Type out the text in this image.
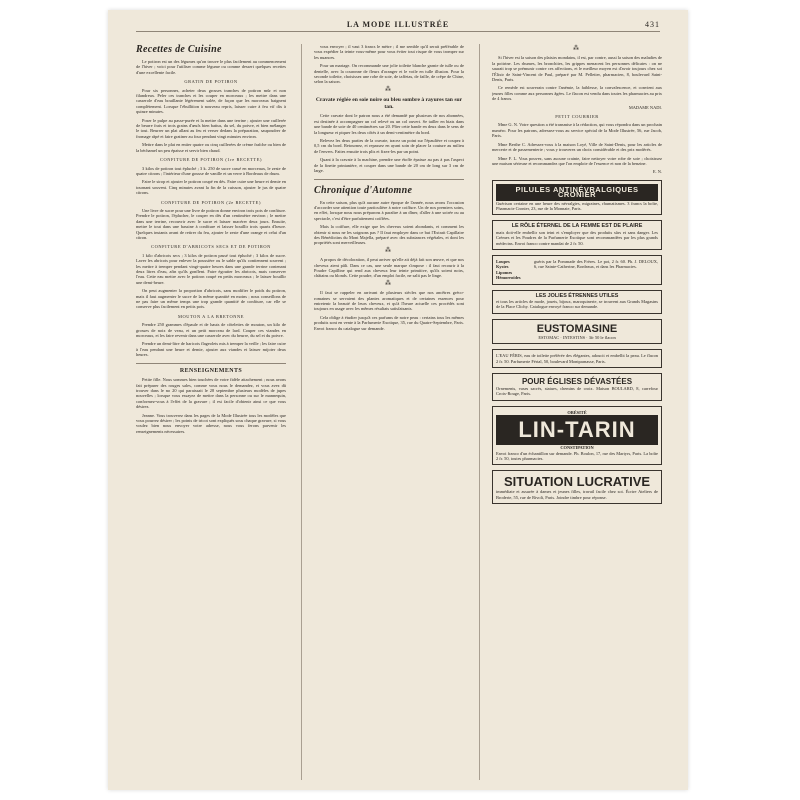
LA MODE ILLUSTRÉE	431
Recettes de Cuisine

Le potiron est un des légumes qu'on trouve le plus facilement au commencement de l'hiver ; voici pour l'utiliser comme légume ou comme dessert quelques recettes d'une excellente facile.

GRATIN DE POTIRON

Pour six personnes, acheter deux grosses tranches de potiron mûr et non filandreux. Peler ces tranches et les couper en morceaux ; les mettre dans une casserole d'eau bouillante légèrement salée, de façon que les morceaux baignent complètement. Lorsque l'ébullition à nouveau repris, laisser cuire à feu vif dix à quinze minutes.

Poser le pulpe au passe-purée et la mettre dans une terrine ; ajouter une cuillerée de beurre frais et trois grains d'œufs bien battus, du sel, du poivre, et bien mélanger le tout. Beurrer un plat allant au feu et verser dedans la préparation, saupoudrer de fromage râpé et faire gratiner au four pendant vingt minutes environ.

Mettre dans le plat en entier quatre ou cinq cuillerées de crème fraîche ou bien de la béchamel un peu épaisse et servir bien chaud.

CONFITURE DE POTIRON (1re RECETTE)

3 kilos de potiron tout épluché ; 3 k. 250 de sucre cassé en morceaux, le zeste de quatre citrons ; l'intérieur d'une gousse de vanille et un verre à Bordeaux de rhum.

Faire le sirop et ajouter le potiron coupé en dés. Faire cuire une heure et demie en tournant souvent. Cinq minutes avant la fin de la cuisson, ajouter le jus de quatre citrons.

CONFITURE DE POTIRON (2e RECETTE)

Une livre de sucre pour une livre de potiron donne environ trois pots de confiture. Prendre le potiron, l'éplucher, le couper en dés d'un centimètre environ ; le mettre dans une terrine, recouvrir avec le sucre et laisser macérer deux jours. Ensuite, mettre le tout dans une bassine à confiture et laisser bouillir trois quarts d'heure. Quelques instants avant de retirer du feu, ajouter le zeste d'une orange et celui d'un citron.

CONFITURE D'ABRICOTS SECS ET DE POTIRON

1 kilo d'abricots secs ; 3 kilos de potiron passé tout épluché ; 3 kilos de sucre. Laver les abricots pour enlever la poussière ou le sable qu'ils contiennent souvent ; les mettre à tremper pendant vingt-quatre heures dans une grande terrine contenant deux litres d'eau, afin qu'ils gonflent. Faire égoutter les abricots, mais conserver l'eau. Cette eau mettre avec le potiron coupé en petits morceaux ; le laisser bouillir une demi-heure.

On peut augmenter la proportion d'abricots, sans modifier le poids du potiron, mais il faut augmenter le sucre de la même quantité en moins ; nous conseillons de ne pas faire un même temps une trop grande quantité de confiture, car elle se conserve plus facilement en petits pots.

MOUTON A LA BRETONNE

Prendre 250 grammes d'épaule et de hauts de côtelettes de mouton, un kilo de grosses de noix de veau, et un petit morceau de lard. Couper ces viandes en morceaux, et les faire revenir dans une casserole avec du beurre, du sel et du poivre.

Prendre un demi-litre de haricots flageolets mis à tremper la veille ; les faire cuire à l'eau pendant une heure et demie, ajouter aux viandes et laisser mijoter deux heures.

RENSEIGNEMENTS

Petite fille. Nous sommes bien touchées de votre fidèle attachement ; nous avons fait préparer des rouges sales, comme vous nous le demandez, et vous avez dû trouver dans le no 20 qui paraissait le 28 septembre plusieurs modèles de jupes nouvelles ; lorsque vous essayez de mettre dans la personne ou sur le mannequin, conformez-vous à l'effet de la gravure ; il est facile d'obtenir ainsi ce que vous désirez.

Jeanne. Vous trouverez dans les pages de la Mode Illustrée tous les modèles que vous pourrez désirer ; les points de tricot sont expliqués sous chaque gravure, si vous voulez bien nous envoyer votre adresse, nous vous ferons parvenir les renseignements nécessaires.

vous envoyer ; il vaut 3 francs le mètre ; il me semble qu'il serait préférable de vous expédier la teinte vous-même pour vous éviter tout risque de vous tromper sur les nuances.

Pour un mariage. On recommande une jolie toilette blanche garnie de tulle ou de dentelle, avec la couronne de fleurs d'oranger et le voile en tulle illusion. Pour la seconde toilette, choisissez une robe de soie, de taffetas, de faille, de crêpe de Chine, selon la saison.

⁂
Cravate réglée en soie noire ou bleu sombre à rayures tan sur tan.

Cette cravate dont le patron nous a été demandé par plusieurs de nos abonnées, est destinée à accompagner un col relevé ou un col ouvert. Se tailler en biais dans une bande de soie de 40 centimètres sur 20. Plier cette bande en deux dans le sens de la longueur et piquer les deux côtés à un demi-centimètre du bord.

Relevez les deux parties de la cravate, tracez un point sur l'épaulière et coupez à 0,5 cm du bord. Retournez, et repassez en ayant soin de placer la couture au milieu de l'envers. Faites ensuite trois plis et fixez-les par un point.

Quant à la cravate à la machine, prendre une étoffe épaisse au pas à pas l'aspect de la finette printanière, et couper dans une bande de 20 cm de long sur 3 cm de large.

Chronique d'Automne

En cette saison, plus qu'à aucune autre époque de l'année, nous avons l'occasion d'accorder une attention toute particulière à notre coiffure. Un de nos premiers soins, en effet, lorsque nous nous préparons à paraître à un dîner, d'aller à une soirée ou au spectacle, c'est d'être parfaitement coiffées.

Mais la coiffure, elle exige que les cheveux soient abondants, et comment les obtenir si nous ne les soignons pas ? Il faut employer dans ce but l'Extrait Capillaire des Bénédictins du Mont Majella, préparé avec des substances végétales, et dont les propriétés sont merveilleuses.

⁂

A propos de décoloration, il peut arriver qu'elle ait déjà fait son œuvre, et que nos cheveux aient pâli. Dans ce cas, une seule marque s'impose : il faut recourir à la Poudre Capilline qui rend aux cheveux leur teinte primitive, qu'ils soient noirs, châtains ou blonds. Cette poudre, d'un emploi facile, ne salit pas le linge.

⁂

Il faut se rappeler en arrivant de plusieurs siècles que nos ancêtres gréco-romaines se servaient des plantes aromatiques et de certaines essences pour entretenir la beauté de leurs cheveux, et qu'à l'heure actuelle ces procédés sont toujours en usage avec les mêmes résultats satisfaisants.

Cela oblige à étudier jusqu'à ces parfums de notre peau : certains tous les mêmes produits sont en vente à la Parfumerie Exotique, 35, rue du Quatre-Septembre, Paris. Envoi franco du catalogue sur demande.

⁂

Si l'hiver est la saison des plaisirs mondains, il est, par contre, aussi la saison des maladies de la poitrine. Les rhumes, les bronchites, les grippes menacent les personnes délicates : on ne saurait trop se prémunir contre ces affections, et le meilleur moyen est d'avoir toujours chez soi l'Élixir de Saint-Vincent de Paul, préparé par M. Pelletier, pharmacien, 8, boulevard Saint-Denis, Paris.

Ce remède est souverain contre l'anémie, la faiblesse, la convalescence, et convient aux jeunes filles comme aux personnes âgées. Le flacon est vendu dans toutes les pharmacies au prix de 4 francs.

MADAME NADI.
PETIT COURRIER

Mme G. N. Votre question a été transmise à la rédaction, qui vous répondra dans un prochain numéro. Pour les patrons, adressez-vous au service spécial de la Mode Illustrée, 56, rue Jacob, Paris.

Mme Berthe C. Adressez-vous à la maison Loyé, Ville de Saint-Denis, pour les articles de mercerie et de passementerie ; vous y trouverez un choix considérable et des prix modérés.

Mme F. L. Vous pouvez, sans aucune crainte, faire nettoyer votre robe de soie ; choisissez une maison sérieuse et recommandez que l'on emploie de l'essence et non de la benzine.

E. N.
PILULES ANTINÉVRALGIQUES CRONIER
Guérison certaine en une heure des névralgies, migraines, rhumatismes. 3 francs la boîte, Pharmacie Cronier, 23, rue de la Monnaie, Paris.
LE RÔLE ÉTERNEL DE LA FEMME EST DE PLAIRE
mais doit-elle embellir son teint et s'employer que des produits sûrs et sans danger. Les Crèmes et les Poudres de la Parfumerie Exotique sont recommandées par les plus grands médecins. Envoi franco contre mandat de 2 fr. 50.
Loupes
Kystes
Lipomes
Hémorroïdes
guéris par la Pommade des Frères. Le pot, 2 fr. 60. Ph. J. DELOUX, 6, rue Sainte-Catherine, Bordeaux, et dans les Pharmacies.
LES JOLIES ÉTRENNES UTILES
et tous les articles de mode, jouets, bijoux, maroquinerie, se trouvent aux Grands Magasins de la Place Clichy. Catalogue envoyé franco sur demande.
EUSTOMASINE
ESTOMAC · INTESTINS · 3fr 50 le flacon
L'EAU FÉRIS, eau de toilette préférée des élégantes, adoucit et embellit la peau. Le flacon 2 fr. 50. Parfumerie Férial, 50, boulevard Montparnasse, Paris.
POUR ÉGLISES DÉVASTÉES
Ornements, vases sacrés, statues, chemins de croix. Maison BOULARD, 8, carrefour Croix-Rouge, Paris.
OBÉSITÉ
LIN-TARIN
CONSTIPATION
Envoi franco d'un échantillon sur demande. Ph. Boulon, 17, rue des Martyrs, Paris. La boîte 2 fr. 50, toutes pharmacies.
SITUATION LUCRATIVE
immédiate et assurée à dames et jeunes filles, travail facile chez soi. Écrire Ateliers de Broderie, 55, rue de Rivoli, Paris. Joindre timbre pour réponse.
